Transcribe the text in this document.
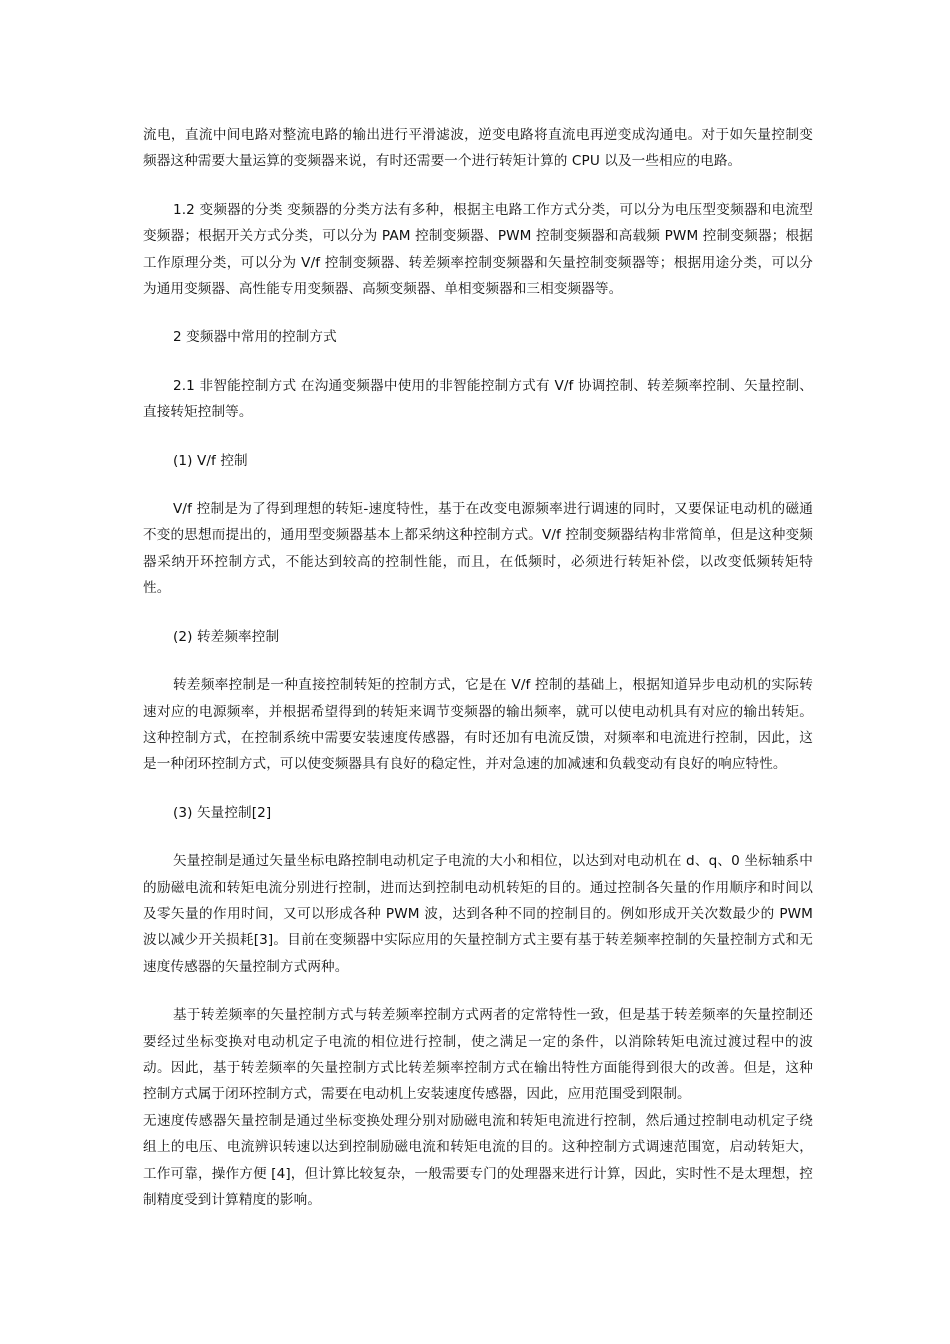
流电，直流中间电路对整流电路的输出进行平滑滤波，逆变电路将直流电再逆变成沟通电。对于如矢量控制变频器这种需要大量运算的变频器来说，有时还需要一个进行转矩计算的 CPU 以及一些相应的电路。

1.2 变频器的分类 变频器的分类方法有多种，根据主电路工作方式分类，可以分为电压型变频器和电流型变频器；根据开关方式分类，可以分为 PAM 控制变频器、PWM 控制变频器和高载频 PWM 控制变频器；根据工作原理分类，可以分为 V/f 控制变频器、转差频率控制变频器和矢量控制变频器等；根据用途分类，可以分为通用变频器、高性能专用变频器、高频变频器、单相变频器和三相变频器等。

2 变频器中常用的控制方式

2.1 非智能控制方式 在沟通变频器中使用的非智能控制方式有 V/f 协调控制、转差频率控制、矢量控制、直接转矩控制等。

(1) V/f 控制

V/f 控制是为了得到理想的转矩-速度特性，基于在改变电源频率进行调速的同时，又要保证电动机的磁通不变的思想而提出的，通用型变频器基本上都采纳这种控制方式。V/f 控制变频器结构非常简单，但是这种变频器采纳开环控制方式，不能达到较高的控制性能，而且，在低频时，必须进行转矩补偿，以改变低频转矩特性。

(2) 转差频率控制

转差频率控制是一种直接控制转矩的控制方式，它是在 V/f 控制的基础上，根据知道异步电动机的实际转速对应的电源频率，并根据希望得到的转矩来调节变频器的输出频率，就可以使电动机具有对应的输出转矩。这种控制方式，在控制系统中需要安装速度传感器，有时还加有电流反馈，对频率和电流进行控制，因此，这是一种闭环控制方式，可以使变频器具有良好的稳定性，并对急速的加减速和负载变动有良好的响应特性。

(3) 矢量控制[2]

矢量控制是通过矢量坐标电路控制电动机定子电流的大小和相位，以达到对电动机在 d、q、0 坐标轴系中的励磁电流和转矩电流分别进行控制，进而达到控制电动机转矩的目的。通过控制各矢量的作用顺序和时间以及零矢量的作用时间，又可以形成各种 PWM 波，达到各种不同的控制目的。例如形成开关次数最少的 PWM 波以减少开关损耗[3]。目前在变频器中实际应用的矢量控制方式主要有基于转差频率控制的矢量控制方式和无速度传感器的矢量控制方式两种。

基于转差频率的矢量控制方式与转差频率控制方式两者的定常特性一致，但是基于转差频率的矢量控制还要经过坐标变换对电动机定子电流的相位进行控制，使之满足一定的条件，以消除转矩电流过渡过程中的波动。因此，基于转差频率的矢量控制方式比转差频率控制方式在输出特性方面能得到很大的改善。但是，这种控制方式属于闭环控制方式，需要在电动机上安装速度传感器，因此，应用范围受到限制。

无速度传感器矢量控制是通过坐标变换处理分别对励磁电流和转矩电流进行控制，然后通过控制电动机定子绕组上的电压、电流辨识转速以达到控制励磁电流和转矩电流的目的。这种控制方式调速范围宽，启动转矩大，工作可靠，操作方便 [4]，但计算比较复杂，一般需要专门的处理器来进行计算，因此，实时性不是太理想，控制精度受到计算精度的影响。
